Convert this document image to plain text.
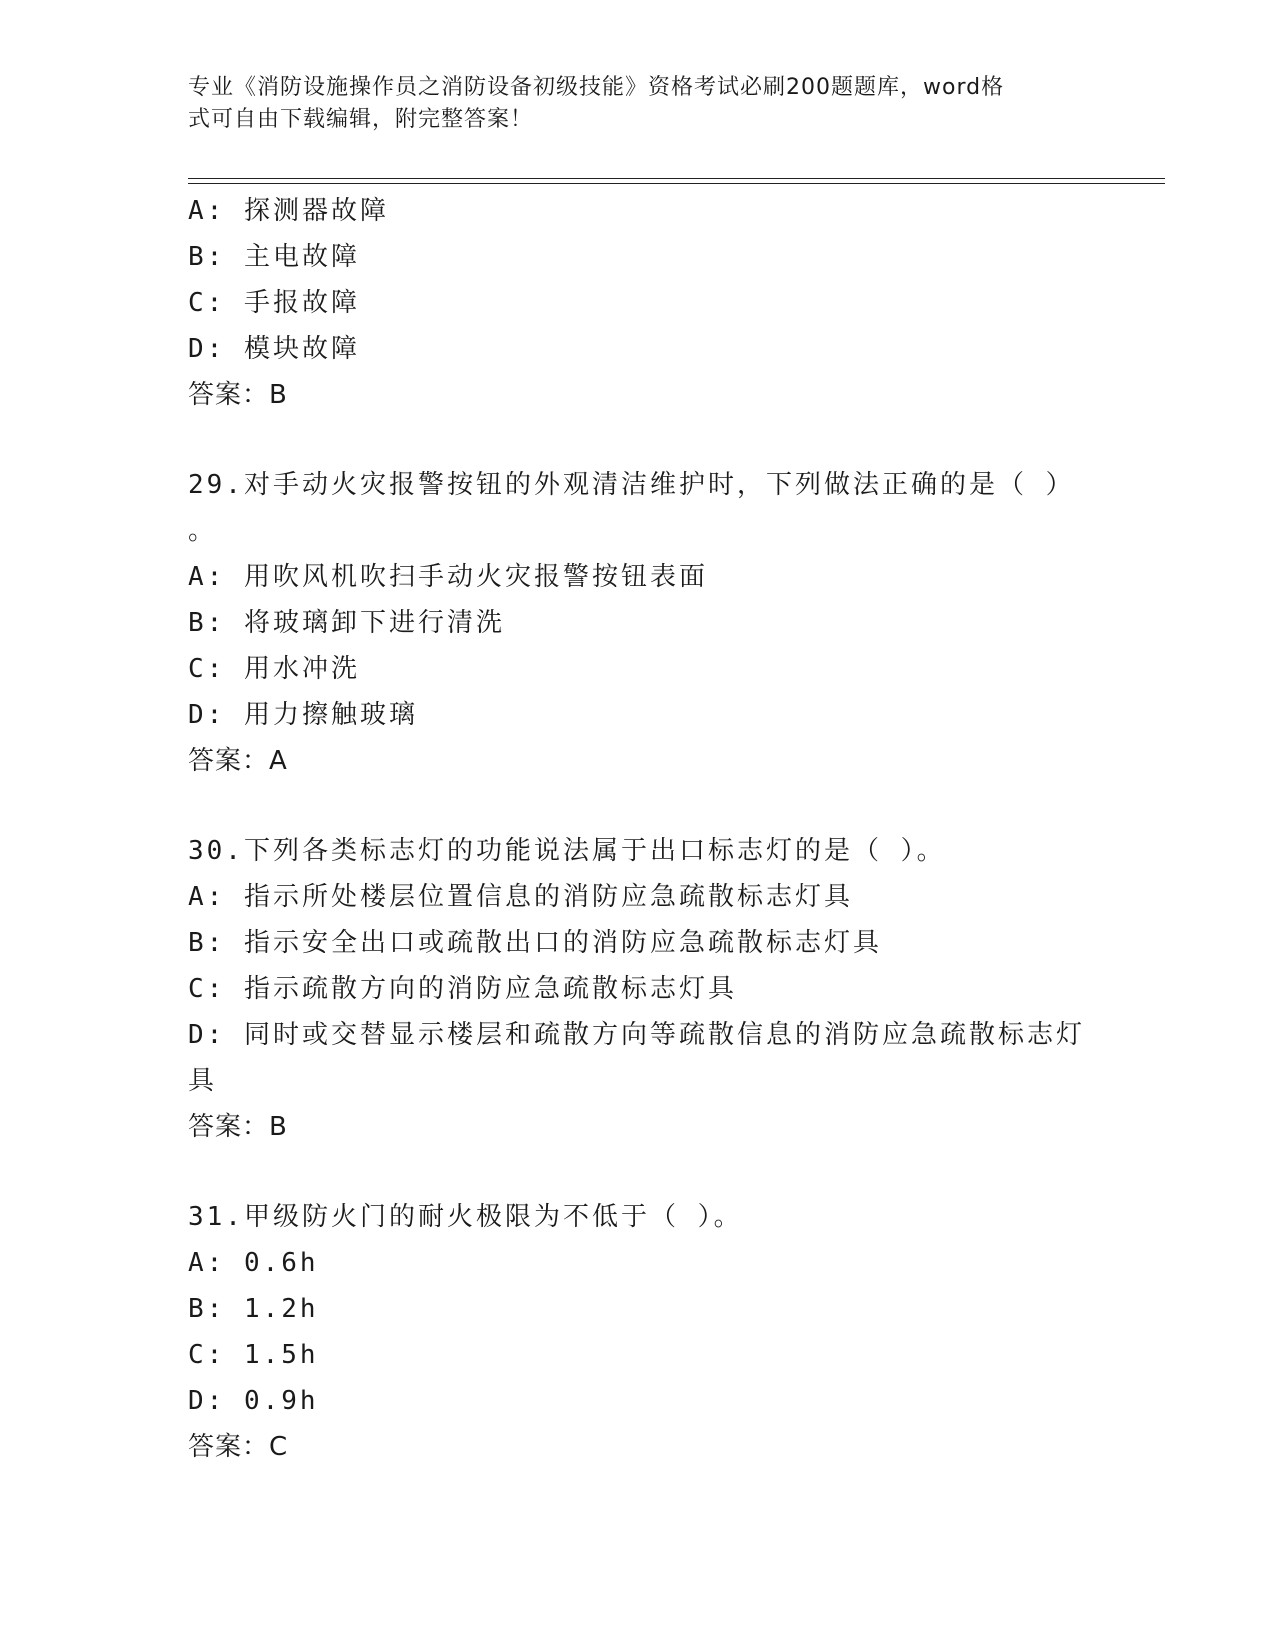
专业《消防设施操作员之消防设备初级技能》资格考试必刷200题题库，word格
式可自由下载编辑，附完整答案！
A: 探测器故障
B: 主电故障
C: 手报故障
D: 模块故障
答案：B
29.对手动火灾报警按钮的外观清洁维护时，下列做法正确的是（ ）
。
A: 用吹风机吹扫手动火灾报警按钮表面
B: 将玻璃卸下进行清洗
C: 用水冲洗
D: 用力擦触玻璃
答案：A
30.下列各类标志灯的功能说法属于出口标志灯的是（ ）。
A: 指示所处楼层位置信息的消防应急疏散标志灯具
B: 指示安全出口或疏散出口的消防应急疏散标志灯具
C: 指示疏散方向的消防应急疏散标志灯具
D: 同时或交替显示楼层和疏散方向等疏散信息的消防应急疏散标志灯
具
答案：B
31.甲级防火门的耐火极限为不低于（ ）。
A: 0.6h
B: 1.2h
C: 1.5h
D: 0.9h
答案：C
